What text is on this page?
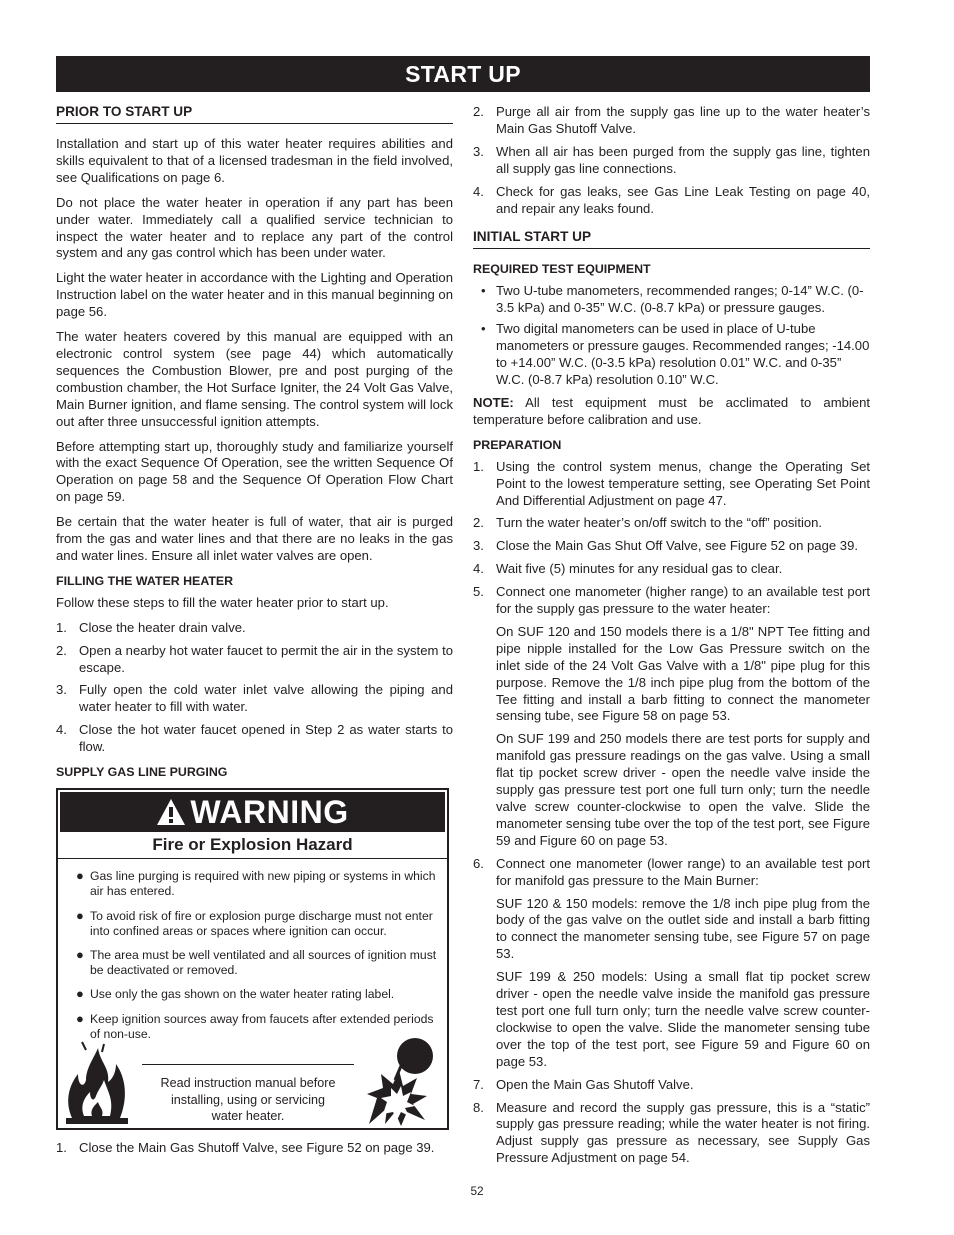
START UP
PRIOR TO START UP

Installation and start up of this water heater requires abilities and skills equivalent to that of a licensed tradesman in the field involved, see Qualifications on page 6.

Do not place the water heater in operation if any part has been under water. Immediately call a qualified service technician to inspect the water heater and to replace any part of the control system and any gas control which has been under water.

Light the water heater in accordance with the Lighting and Operation Instruction label on the water heater and in this manual beginning on page 56.

The water heaters covered by this manual are equipped with an electronic control system (see page 44) which automatically sequences the Combustion Blower, pre and post purging of the combustion chamber, the Hot Surface Igniter, the 24 Volt Gas Valve, Main Burner ignition, and flame sensing. The control system will lock out after three unsuccessful ignition attempts.

Before attempting start up, thoroughly study and familiarize yourself with the exact Sequence Of Operation, see the written Sequence Of Operation on page 58 and the Sequence Of Operation Flow Chart on page 59.

Be certain that the water heater is full of water, that air is purged from the gas and water lines and that there are no leaks in the gas and water lines. Ensure all inlet water valves are open.

FILLING THE WATER HEATER

Follow these steps to fill the water heater prior to start up.

1. Close the heater drain valve.
2. Open a nearby hot water faucet to permit the air in the system to escape.
3. Fully open the cold water inlet valve allowing the piping and water heater to fill with water.
4. Close the hot water faucet opened in Step 2 as water starts to flow.
SUPPLY GAS LINE PURGING
WARNING
Fire or Explosion Hazard
● Gas line purging is required with new piping or systems in which air has entered.
● To avoid risk of fire or explosion purge discharge must not enter into confined areas or spaces where ignition can occur.
● The area must be well ventilated and all sources of ignition must be deactivated or removed.
● Use only the gas shown on the water heater rating label.
● Keep ignition sources away from faucets after extended periods of non-use.
Read instruction manual before
installing, using or servicing
water heater.
1. Close the Main Gas Shutoff Valve, see Figure 52 on page 39.
2. Purge all air from the supply gas line up to the water heater’s Main Gas Shutoff Valve.
3. When all air has been purged from the supply gas line, tighten all supply gas line connections.
4. Check for gas leaks, see Gas Line Leak Testing on page 40, and repair any leaks found.
INITIAL START UP
REQUIRED TEST EQUIPMENT
• Two U-tube manometers, recommended ranges; 0-14” W.C. (0-3.5 kPa) and 0-35” W.C. (0-8.7 kPa) or pressure gauges.
• Two digital manometers can be used in place of U-tube manometers or pressure gauges. Recommended ranges; -14.00 to +14.00” W.C. (0-3.5 kPa) resolution 0.01” W.C. and 0-35” W.C. (0-8.7 kPa) resolution 0.10” W.C.

NOTE: All test equipment must be acclimated to ambient temperature before calibration and use.

PREPARATION
1. Using the control system menus, change the Operating Set Point to the lowest temperature setting, see Operating Set Point And Differential Adjustment on page 47.
2. Turn the water heater’s on/off switch to the “off” position.
3. Close the Main Gas Shut Off Valve, see Figure 52 on page 39.
4. Wait five (5) minutes for any residual gas to clear.
5. Connect one manometer (higher range) to an available test port for the supply gas pressure to the water heater:

On SUF 120 and 150 models there is a 1/8" NPT Tee fitting and pipe nipple installed for the Low Gas Pressure switch on the inlet side of the 24 Volt Gas Valve with a 1/8" pipe plug for this purpose. Remove the 1/8 inch pipe plug from the bottom of the Tee fitting and install a barb fitting to connect the manometer sensing tube, see Figure 58 on page 53.

On SUF 199 and 250 models there are test ports for supply and manifold gas pressure readings on the gas valve. Using a small flat tip pocket screw driver - open the needle valve inside the supply gas pressure test port one full turn only; turn the needle valve screw counter-clockwise to open the valve. Slide the manometer sensing tube over the top of the test port, see Figure 59 and Figure 60 on page 53.

6. Connect one manometer (lower range) to an available test port for manifold gas pressure to the Main Burner:

SUF 120 & 150 models: remove the 1/8 inch pipe plug from the body of the gas valve on the outlet side and install a barb fitting to connect the manometer sensing tube, see Figure 57 on page 53.

SUF 199 & 250 models: Using a small flat tip pocket screw driver - open the needle valve inside the manifold gas pressure test port one full turn only; turn the needle valve screw counter-clockwise to open the valve. Slide the manometer sensing tube over the top of the test port, see Figure 59 and Figure 60 on page 53.

7. Open the Main Gas Shutoff Valve.
8. Measure and record the supply gas pressure, this is a “static” supply gas pressure reading; while the water heater is not firing. Adjust supply gas pressure as necessary, see Supply Gas Pressure Adjustment on page 54.
52
